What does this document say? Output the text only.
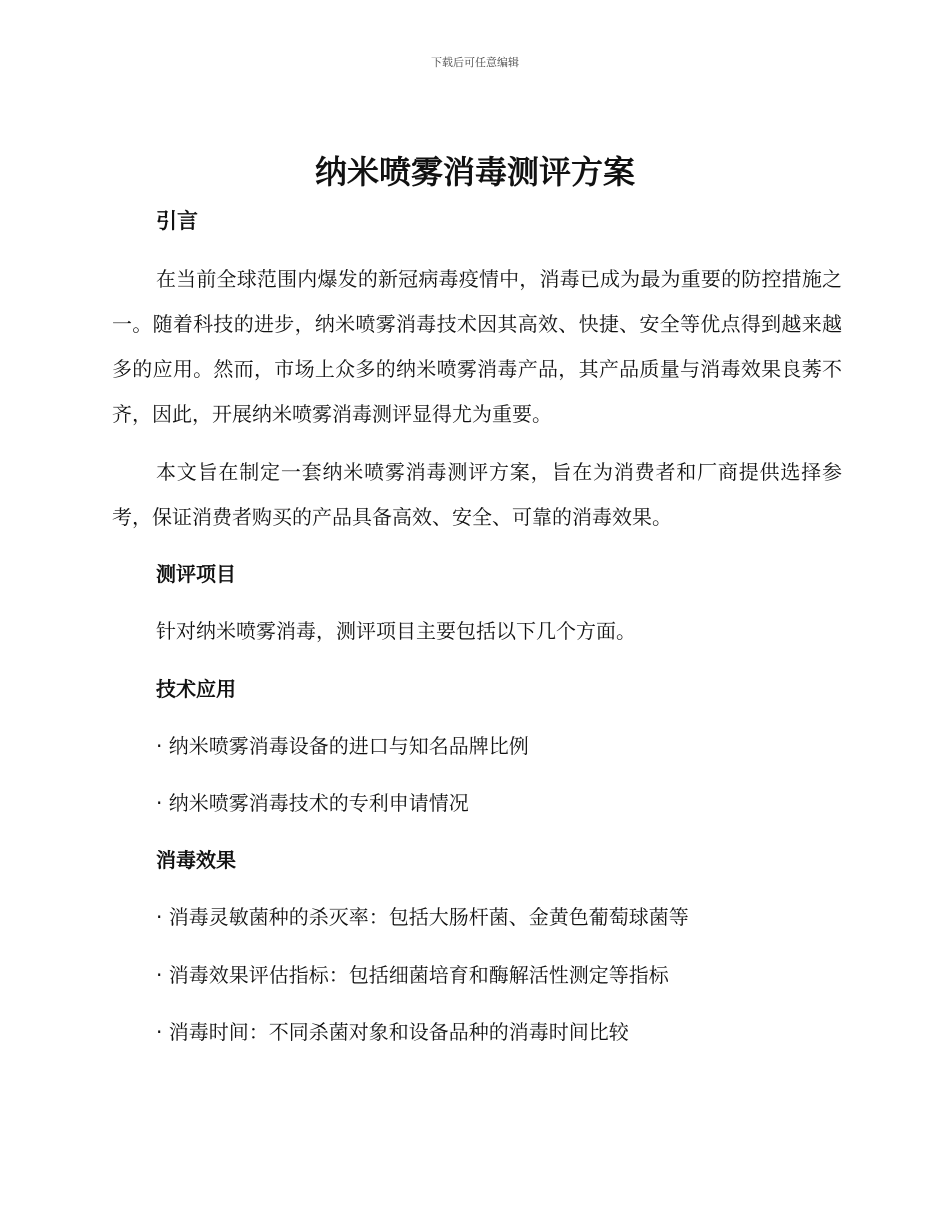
下载后可任意编辑
纳米喷雾消毒测评方案
引言

在当前全球范围内爆发的新冠病毒疫情中，消毒已成为最为重要的防控措施之一。随着科技的进步，纳米喷雾消毒技术因其高效、快捷、安全等优点得到越来越多的应用。然而，市场上众多的纳米喷雾消毒产品，其产品质量与消毒效果良莠不齐，因此，开展纳米喷雾消毒测评显得尤为重要。

本文旨在制定一套纳米喷雾消毒测评方案，旨在为消费者和厂商提供选择参考，保证消费者购买的产品具备高效、安全、可靠的消毒效果。

测评项目
针对纳米喷雾消毒，测评项目主要包括以下几个方面。
技术应用
· 纳米喷雾消毒设备的进口与知名品牌比例
· 纳米喷雾消毒技术的专利申请情况
消毒效果
· 消毒灵敏菌种的杀灭率：包括大肠杆菌、金黄色葡萄球菌等
· 消毒效果评估指标：包括细菌培育和酶解活性测定等指标
· 消毒时间：不同杀菌对象和设备品种的消毒时间比较
